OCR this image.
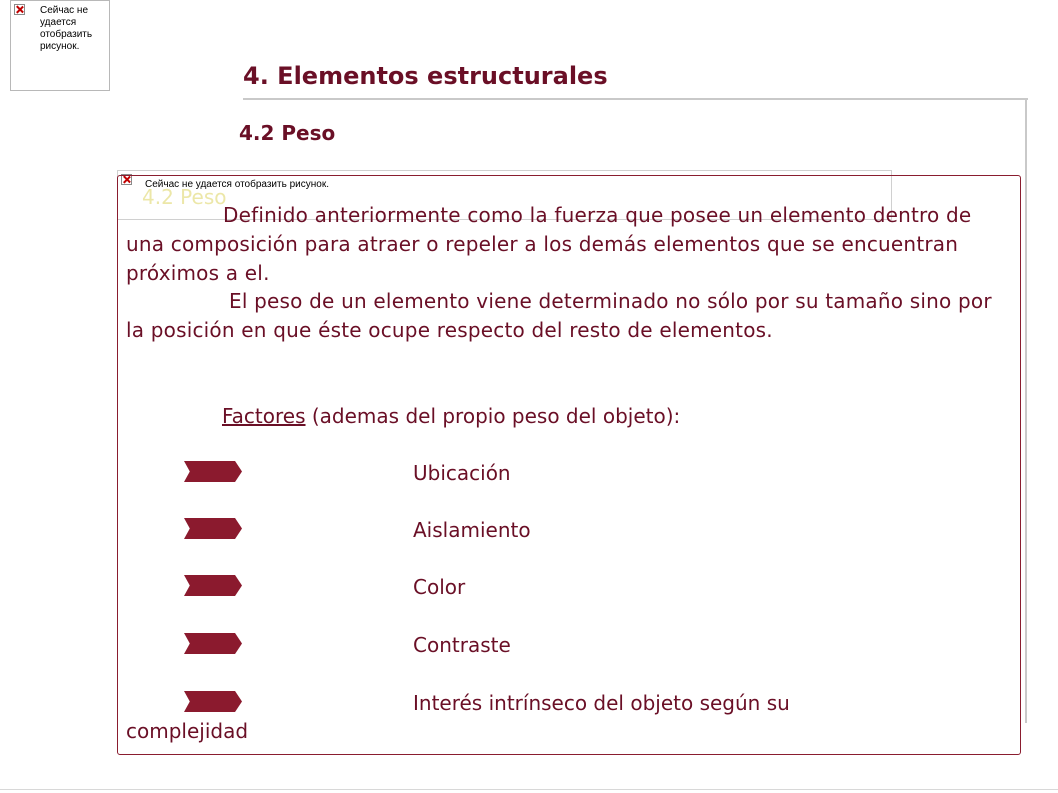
Сейчас не удается отобразить рисунок.
4. Elementos estructurales
4.2 Peso
Сейчас не удается отобразить рисунок.
4.2 Peso
Definido anteriormente como la fuerza que posee un elemento dentro de una composición para atraer o repeler a los demás elementos que se encuentran próximos a el.
El peso de un elemento viene determinado no sólo por su tamaño sino por la posición en que éste ocupe respecto del resto de elementos.
Factores (ademas del propio peso del objeto):
Ubicación
Aislamiento
Color
Contraste
Interés intrínseco del objeto según su
complejidad
